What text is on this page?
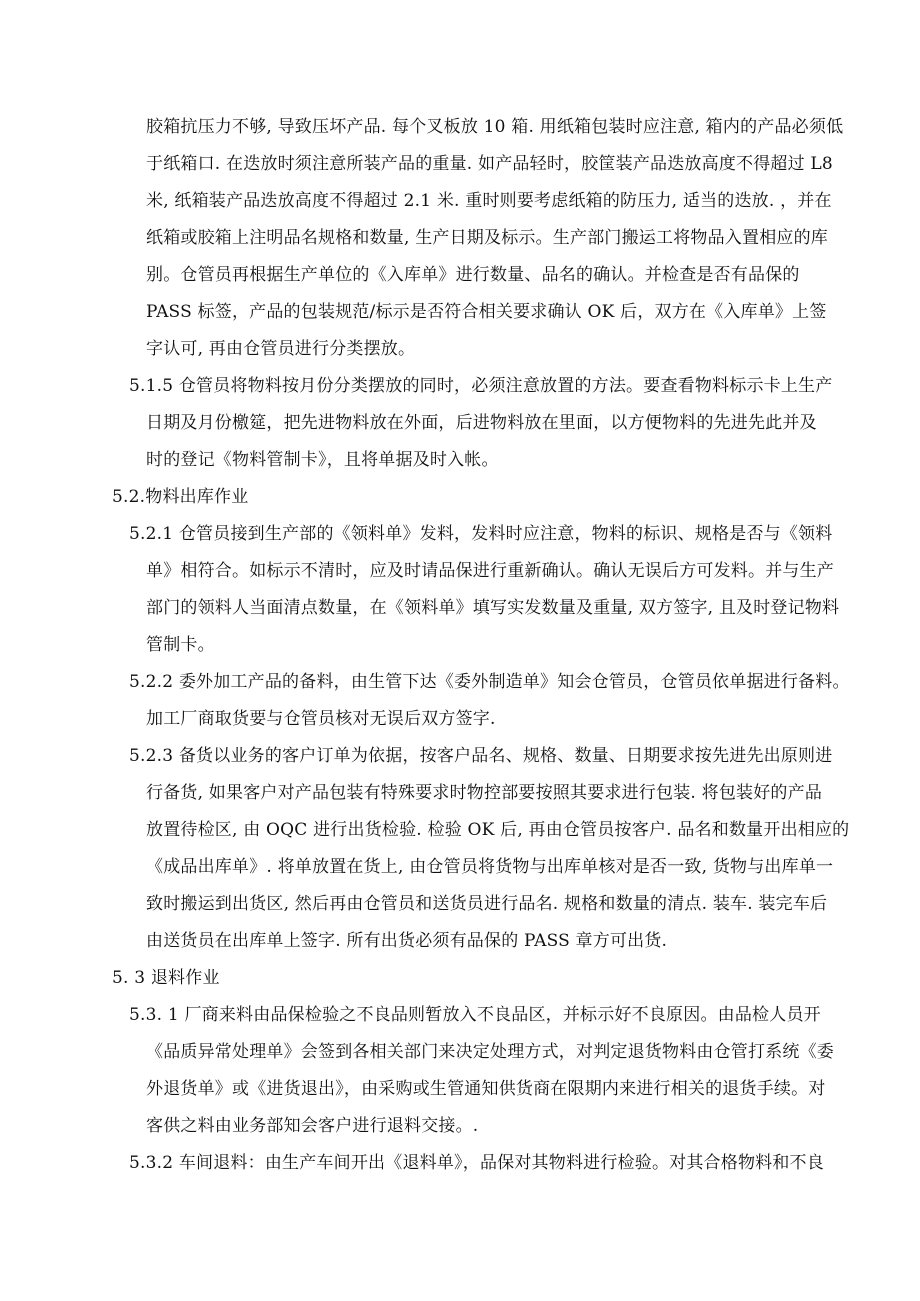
胶箱抗压力不够, 导致压坏产品. 每个叉板放 10 箱. 用纸箱包装时应注意, 箱内的产品必须低
于纸箱口. 在迭放时须注意所装产品的重量. 如产品轻时，胶筐装产品迭放高度不得超过 L8
米, 纸箱装产品迭放高度不得超过 2.1 米. 重时则要考虑纸箱的防压力, 适当的迭放. ，并在
纸箱或胶箱上注明品名规格和数量, 生产日期及标示。生产部门搬运工将物品入置相应的库
别。仓管员再根据生产单位的《入库单》进行数量、品名的确认。并检查是否有品保的
PASS 标签，产品的包装规范/标示是否符合相关要求确认 OK 后，双方在《入库单》上签
字认可, 再由仓管员进行分类摆放。
5.1.5 仓管员将物料按月份分类摆放的同时，必须注意放置的方法。要查看物料标示卡上生产
日期及月份檄筵，把先进物料放在外面，后进物料放在里面，以方便物料的先进先此并及
时的登记《物料管制卡》，且将单据及时入帐。
5.2.物料出库作业
5.2.1 仓管员接到生产部的《领料单》发料，发料时应注意，物料的标识、规格是否与《领料
单》相符合。如标示不清时，应及时请品保进行重新确认。确认无误后方可发料。并与生产
部门的领料人当面清点数量，在《领料单》填写实发数量及重量, 双方签字, 且及时登记物料
管制卡。
5.2.2 委外加工产品的备料，由生管下达《委外制造单》知会仓管员，仓管员依单据进行备料。
加工厂商取货要与仓管员核对无误后双方签字.
5.2.3 备货以业务的客户订单为依据，按客户品名、规格、数量、日期要求按先进先出原则进
行备货, 如果客户对产品包装有特殊要求时物控部要按照其要求进行包装. 将包装好的产品
放置待检区, 由 OQC 进行出货检验. 检验 OK 后, 再由仓管员按客户. 品名和数量开出相应的
《成品出库单》. 将单放置在货上, 由仓管员将货物与出库单核对是否一致, 货物与出库单一
致时搬运到出货区, 然后再由仓管员和送货员进行品名. 规格和数量的清点. 装车. 装完车后
由送货员在出库单上签字. 所有出货必须有品保的 PASS 章方可出货.
5. 3 退料作业
5.3. 1 厂商来料由品保检验之不良品则暂放入不良品区，并标示好不良原因。由品检人员开
《品质异常处理单》会签到各相关部门来决定处理方式，对判定退货物料由仓管打系统《委
外退货单》或《进货退出》，由采购或生管通知供货商在限期内来进行相关的退货手续。对
客供之料由业务部知会客户进行退料交接。.
5.3.2 车间退料：由生产车间开出《退料单》，品保对其物料进行检验。对其合格物料和不良
